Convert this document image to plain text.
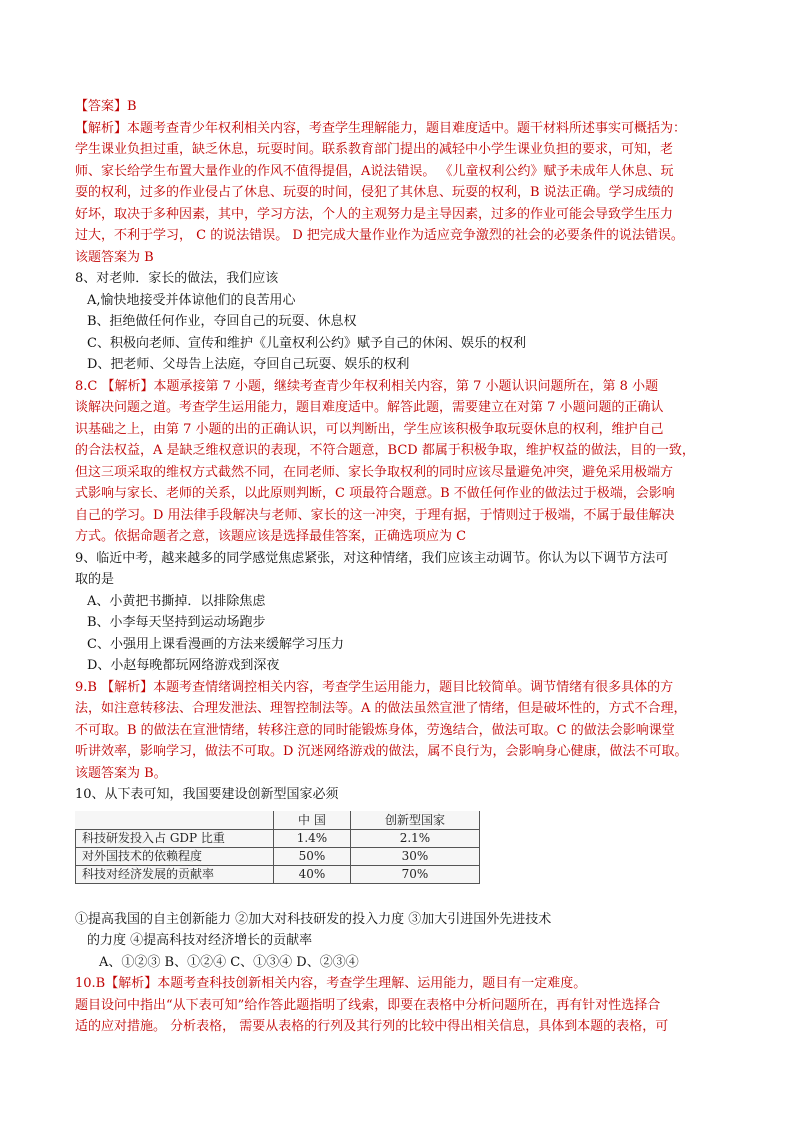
【答案】B
【解析】本题考查青少年权利相关内容，考查学生理解能力，题目难度适中。题干材料所述事实可概括为：
学生课业负担过重，缺乏休息，玩耍时间。联系教育部门提出的减轻中小学生课业负担的要求，可知，老
师、家长给学生布置大量作业的作风不值得提倡，A说法错误。 《儿童权利公约》赋予未成年人休息、玩
耍的权利，过多的作业侵占了休息、玩耍的时间，侵犯了其休息、玩耍的权利，B 说法正确。学习成绩的
好坏，取决于多种因素，其中，学习方法，个人的主观努力是主导因素，过多的作业可能会导致学生压力
过大，不利于学习， C 的说法错误。 D 把完成大量作业作为适应竞争激烈的社会的必要条件的说法错误。
该题答案为 B
8、对老帅．家长的做法，我们应该
A,愉快地接受并体谅他们的良苦用心
B、拒绝做任何作业，夺回自己的玩耍、休息权
C、积极向老师、宣传和维护《儿童权利公约》赋予自己的休闲、娱乐的权利
D、把老师、父母告上法庭，夺回自己玩耍、娱乐的权利
8.C 【解析】本题承接第 7 小题，继续考查青少年权利相关内容，第 7 小题认识问题所在，第 8 小题
谈解决问题之道。考查学生运用能力，题目难度适中。解答此题，需要建立在对第 7 小题问题的正确认
识基础之上，由第 7 小题的出的正确认识，可以判断出，学生应该积极争取玩耍休息的权利，维护自己
的合法权益，A 是缺乏维权意识的表现，不符合题意，BCD 都属于积极争取，维护权益的做法，目的一致，
但这三项采取的维权方式截然不同，在同老师、家长争取权利的同时应该尽量避免冲突，避免采用极端方
式影响与家长、老师的关系，以此原则判断，C 项最符合题意。B 不做任何作业的做法过于极端，会影响
自己的学习。D 用法律手段解决与老师、家长的这一冲突，于理有据，于情则过于极端，不属于最佳解决
方式。依据命题者之意，该题应该是选择最佳答案，正确选项应为 C
9、临近中考，越来越多的同学感觉焦虑紧张，对这种情绪，我们应该主动调节。你认为以下调节方法可
取的是
A、小黄把书撕掉．以排除焦虑
B、小李每天坚持到运动场跑步
C、小强用上课看漫画的方法来缓解学习压力
D、小赵每晚都玩网络游戏到深夜
9.B 【解析】本题考查情绪调控相关内容，考查学生运用能力，题目比较简单。调节情绪有很多具体的方
法，如注意转移法、合理发泄法、理智控制法等。A 的做法虽然宣泄了情绪，但是破坏性的，方式不合理，
不可取。B 的做法在宣泄情绪，转移注意的同时能锻炼身体，劳逸结合，做法可取。C 的做法会影响课堂
听讲效率，影响学习，做法不可取。D 沉迷网络游戏的做法，属不良行为，会影响身心健康，做法不可取。
该题答案为 B。
10、从下表可知，我国要建设创新型国家必须
	中 国	创新型国家
科技研发投入占 GDP 比重	1.4%	2.1%
对外国技术的依赖程度	50%	30%
科技对经济发展的贡献率	40%	70%
①提高我国的自主创新能力 ②加大对科技研发的投入力度 ③加大引进国外先进技术
的力度 ④提高科技对经济增长的贡献率
A、①②③ B、①②④ C、①③④ D、②③④
10.B【解析】本题考查科技创新相关内容，考查学生理解、运用能力，题目有一定难度。
题目设问中指出“从下表可知”给作答此题指明了线索，即要在表格中分析问题所在，再有针对性选择合
适的应对措施。 分析表格， 需要从表格的行列及其行列的比较中得出相关信息，具体到本题的表格，可
